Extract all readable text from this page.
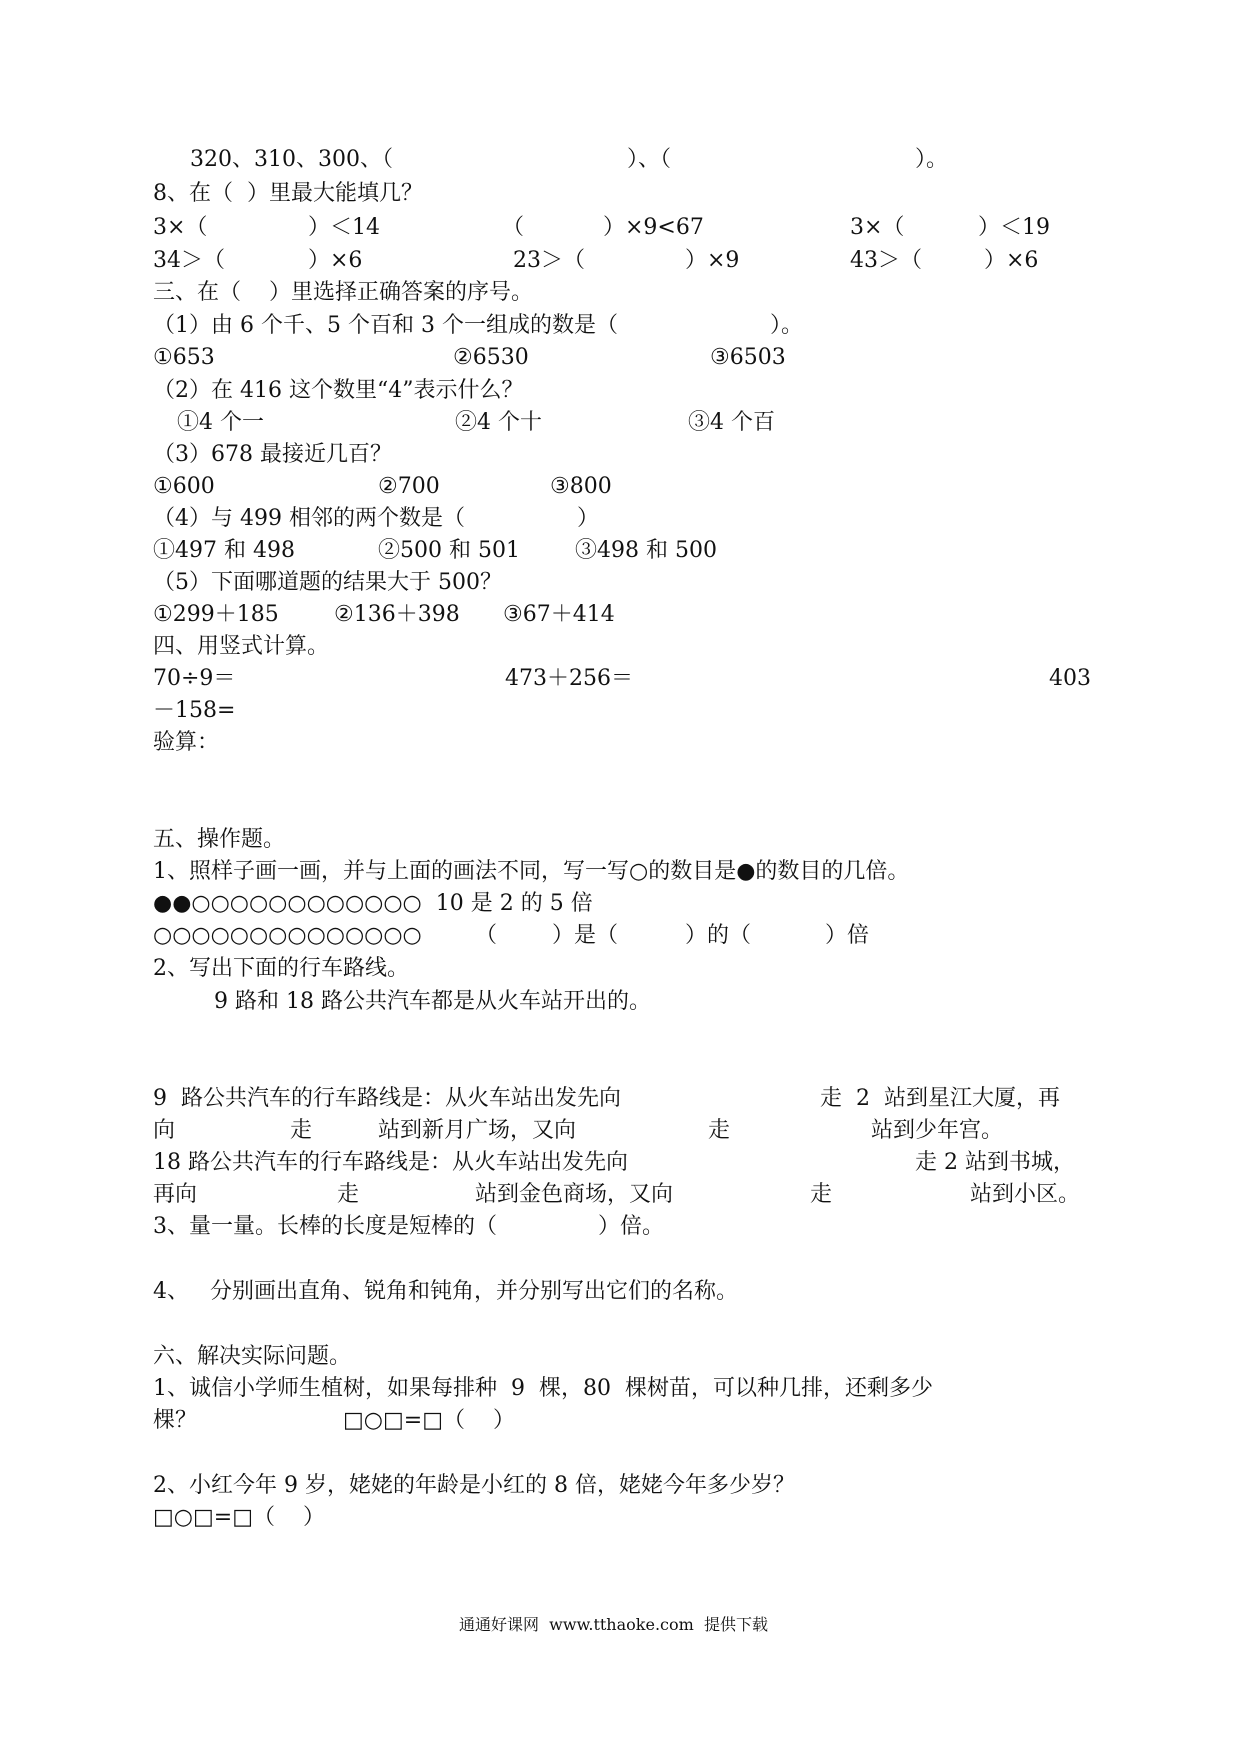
320、310、300、（	）、（	）。
8、在（  ）里最大能填几？
3×（	）＜14	（	）×9<67	3×（	）＜19
34＞（	）×6	23＞（	）×9	43＞（	）×6
三、在（    ）里选择正确答案的序号。
（1）由 6 个千、5 个百和 3 个一组成的数是（	）。
①653	②6530	③6503
（2）在 416 这个数里“4”表示什么？
①4 个一	②4 个十	③4 个百
（3）678 最接近几百？
①600	②700	③800
（4）与 499 相邻的两个数是（	）
①497 和 498	②500 和 501	③498 和 500
（5）下面哪道题的结果大于 500？
①299＋185	②136＋398 ③67＋414
四、用竖式计算。
70÷9＝	473＋256＝	403
－158=
验算：
五、操作题。
1、照样子画一画，并与上面的画法不同，写一写○的数目是●的数目的几倍。
●●○○○○○○○○○○○○  10 是 2 的 5 倍
○○○○○○○○○○○○○○ （ ）是（	）的（	）倍
2、写出下面的行车路线。
9 路和 18 路公共汽车都是从火车站开出的。
9  路公共汽车的行车路线是：从火车站出发先向	走  2  站到星江大厦，再
向	走	站到新月广场，又向	走	站到少年宫。
18 路公共汽车的行车路线是：从火车站出发先向	走 2 站到书城，
再向	走	站到金色商场，又向	走	站到小区。
3、量一量。长棒的长度是短棒的（	）倍。
4、   分别画出直角、锐角和钝角，并分别写出它们的名称。
六、解决实际问题。
1、诚信小学师生植树，如果每排种  9  棵，80  棵树苗，可以种几排，还剩多少
棵？	□○□=□（    ）
2、小红今年 9 岁，姥姥的年龄是小红的 8 倍，姥姥今年多少岁？
□○□=□（    ）
通通好课网  www.tthaoke.com  提供下载
